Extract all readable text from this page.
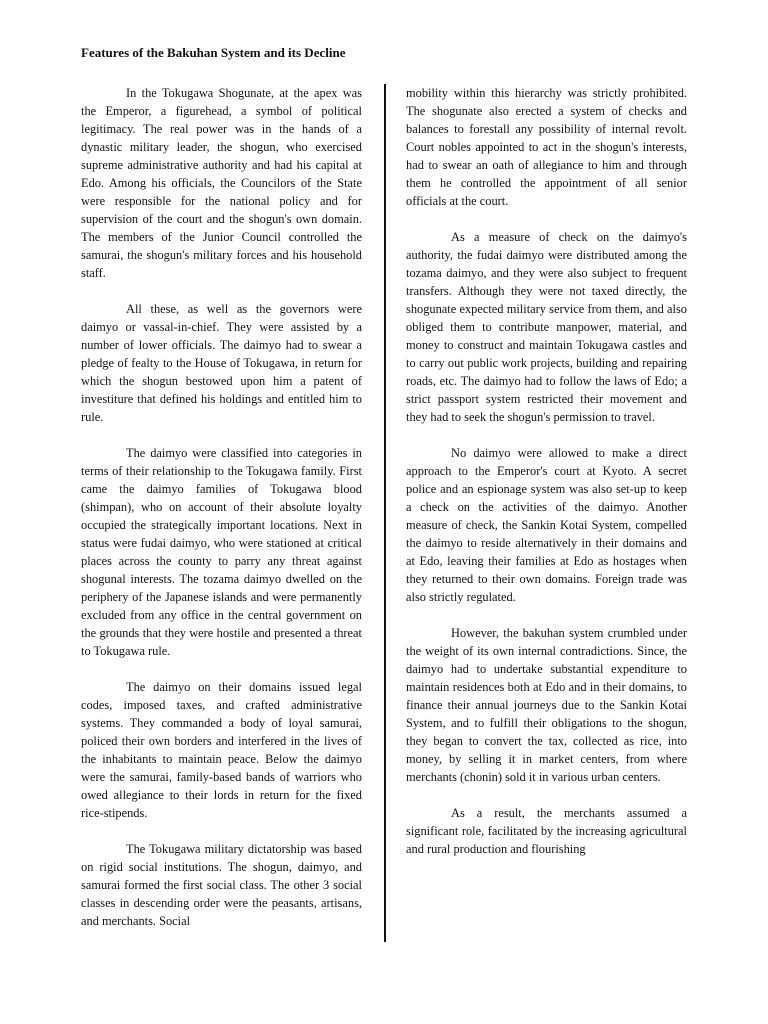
Features of the Bakuhan System and its Decline

In the Tokugawa Shogunate, at the apex was the Emperor, a figurehead, a symbol of political legitimacy. The real power was in the hands of a dynastic military leader, the shogun, who exercised supreme administrative authority and had his capital at Edo. Among his officials, the Councilors of the State were responsible for the national policy and for supervision of the court and the shogun's own domain. The members of the Junior Council controlled the samurai, the shogun's military forces and his household staff.

All these, as well as the governors were daimyo or vassal-in-chief. They were assisted by a number of lower officials. The daimyo had to swear a pledge of fealty to the House of Tokugawa, in return for which the shogun bestowed upon him a patent of investiture that defined his holdings and entitled him to rule.

The daimyo were classified into categories in terms of their relationship to the Tokugawa family. First came the daimyo families of Tokugawa blood (shimpan), who on account of their absolute loyalty occupied the strategically important locations. Next in status were fudai daimyo, who were stationed at critical places across the county to parry any threat against shogunal interests. The tozama daimyo dwelled on the periphery of the Japanese islands and were permanently excluded from any office in the central government on the grounds that they were hostile and presented a threat to Tokugawa rule.

The daimyo on their domains issued legal codes, imposed taxes, and crafted administrative systems. They commanded a body of loyal samurai, policed their own borders and interfered in the lives of the inhabitants to maintain peace. Below the daimyo were the samurai, family-based bands of warriors who owed allegiance to their lords in return for the fixed rice-stipends.

The Tokugawa military dictatorship was based on rigid social institutions. The shogun, daimyo, and samurai formed the first social class. The other 3 social classes in descending order were the peasants, artisans, and merchants. Social

mobility within this hierarchy was strictly prohibited. The shogunate also erected a system of checks and balances to forestall any possibility of internal revolt. Court nobles appointed to act in the shogun's interests, had to swear an oath of allegiance to him and through them he controlled the appointment of all senior officials at the court.

As a measure of check on the daimyo's authority, the fudai daimyo were distributed among the tozama daimyo, and they were also subject to frequent transfers. Although they were not taxed directly, the shogunate expected military service from them, and also obliged them to contribute manpower, material, and money to construct and maintain Tokugawa castles and to carry out public work projects, building and repairing roads, etc. The daimyo had to follow the laws of Edo; a strict passport system restricted their movement and they had to seek the shogun's permission to travel.

No daimyo were allowed to make a direct approach to the Emperor's court at Kyoto. A secret police and an espionage system was also set-up to keep a check on the activities of the daimyo. Another measure of check, the Sankin Kotai System, compelled the daimyo to reside alternatively in their domains and at Edo, leaving their families at Edo as hostages when they returned to their own domains. Foreign trade was also strictly regulated.

However, the bakuhan system crumbled under the weight of its own internal contradictions. Since, the daimyo had to undertake substantial expenditure to maintain residences both at Edo and in their domains, to finance their annual journeys due to the Sankin Kotai System, and to fulfill their obligations to the shogun, they began to convert the tax, collected as rice, into money, by selling it in market centers, from where merchants (chonin) sold it in various urban centers.

As a result, the merchants assumed a significant role, facilitated by the increasing agricultural and rural production and flourishing
